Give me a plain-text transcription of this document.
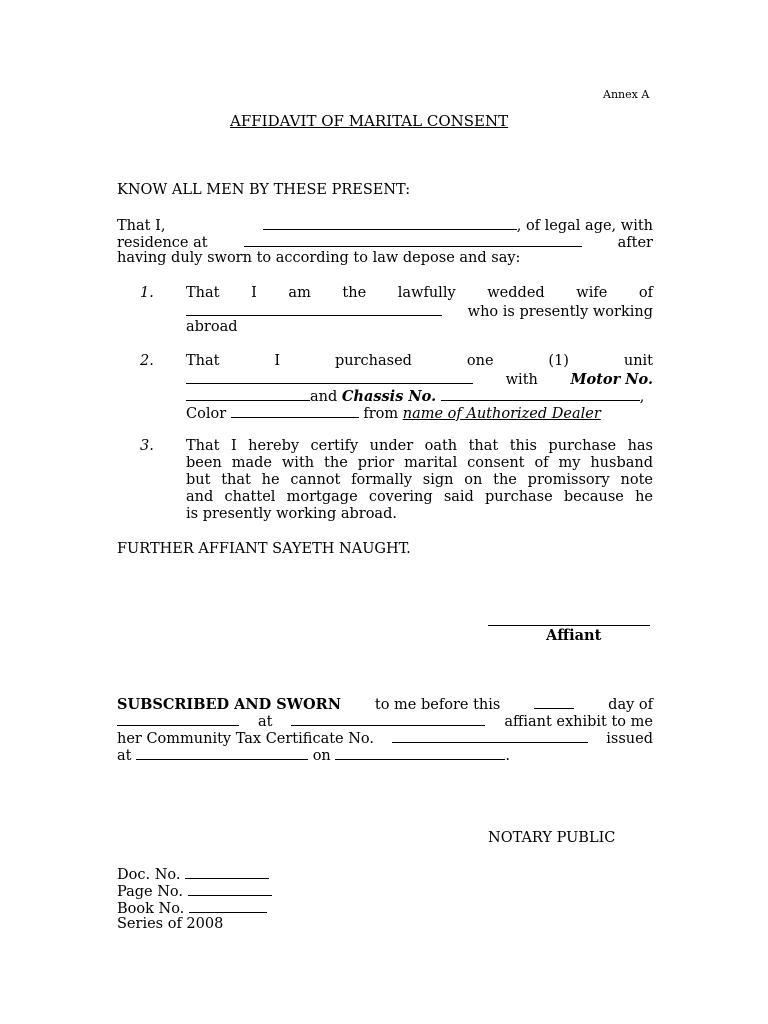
Annex A
AFFIDAVIT OF MARITAL CONSENT
KNOW ALL MEN BY THESE PRESENT:
That I,	, of legal age, with
residence at	after
having duly sworn to according to law depose and say:
1. That I am the lawfully wedded wife of
who is presently working
abroad
2. That I purchased one (1) unit
with Motor No.
and Chassis No.	,
Color	from name of Authorized Dealer
3. That I hereby certify under oath that this purchase has
been made with the prior marital consent of my husband
but that he cannot formally sign on the promissory note
and chattel mortgage covering said purchase because he
is presently working abroad.
FURTHER AFFIANT SAYETH NAUGHT.
Affiant
SUBSCRIBED AND SWORN to me before this	day of
at	affiant exhibit to me
her Community Tax Certificate No.	issued
at	on	.
NOTARY PUBLIC
Doc. No.
Page No.
Book No.
Series of 2008
